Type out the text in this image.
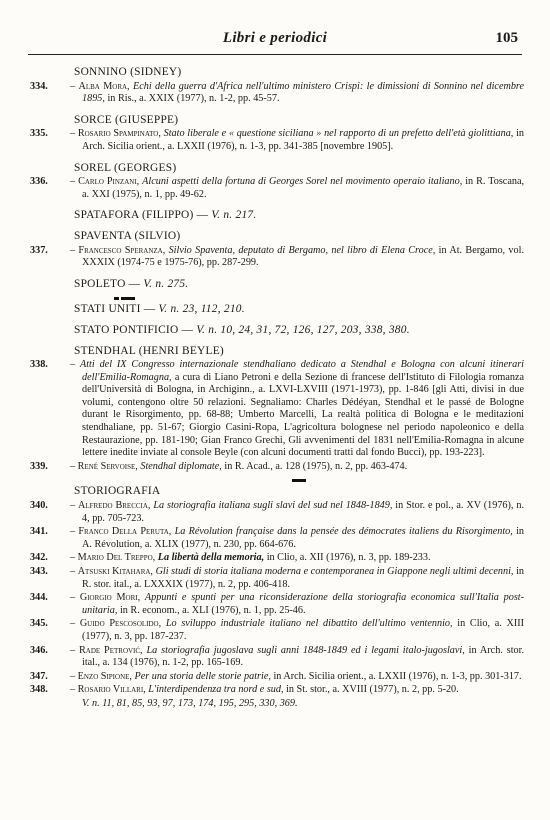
Libri e periodici	105
SONNINO (SIDNEY)
334.	– Alba Mora, Echi della guerra d'Africa nell'ultimo ministero Crispi: le dimissioni di Sonnino nel dicembre 1895, in Ris., a. XXIX (1977), n. 1-2, pp. 45-57.
SORCE (GIUSEPPE)
335.	– Rosario Spampinato, Stato liberale e « questione siciliana » nel rapporto di un prefetto dell'età giolittiana, in Arch. Sicilia orient., a. LXXII (1976), n. 1-3, pp. 341-385 [novembre 1905].
SOREL (GEORGES)
336.	– Carlo Pinzani, Alcuni aspetti della fortuna di Georges Sorel nel movimento operaio italiano, in R. Toscana, a. XXI (1975), n. 1, pp. 49-62.
SPATAFORA (FILIPPO) — V. n. 217.
SPAVENTA (SILVIO)
337.	– Francesco Speranza, Silvio Spaventa, deputato di Bergamo, nel libro di Elena Croce, in At. Bergamo, vol. XXXIX (1974-75 e 1975-76), pp. 287-299.
SPOLETO — V. n. 275.
STATI UNITI — V. n. 23, 112, 210.
STATO PONTIFICIO — V. n. 10, 24, 31, 72, 126, 127, 203, 338, 380.
STENDHAL (HENRI BEYLE)
338.	– Atti del IX Congresso internazionale stendhaliano dedicato a Stendhal e Bologna con alcuni itinerari dell'Emilia-Romagna, a cura di Liano Petroni e della Sezione di francese dell'Istituto di Filologia romanza dell'Università di Bologna, in Archiginn., a. LXVI-LXVIII (1971-1973), pp. 1-846 [gli Atti, divisi in due volumi, contengono oltre 50 relazioni. Segnaliamo: Charles Dédéyan, Stendhal et le passé de Bologne durant le Risorgimento, pp. 68-88; Umberto Marcelli, La realtà politica di Bologna e le meditazioni stendhaliane, pp. 51-67; Giorgio Casini-Ropa, L'agricoltura bolognese nel periodo napoleonico e della Restaurazione, pp. 181-190; Gian Franco Grechi, Gli avvenimenti del 1831 nell'Emilia-Romagna in alcune lettere inedite inviate al console Beyle (con alcuni documenti tratti dal fondo Bucci), pp. 193-223].
339.	– René Servoise, Stendhal diplomate, in R. Acad., a. 128 (1975), n. 2, pp. 463-474.
STORIOGRAFIA
340.	– Alfredo Breccia, La storiografia italiana sugli slavi del sud nel 1848-1849, in Stor. e pol., a. XV (1976), n. 4, pp. 705-723.
341.	– Franco Della Peruta, La Révolution française dans la pensée des démocrates italiens du Risorgimento, in A. Révolution, a. XLIX (1977), n. 230, pp. 664-676.
342.	– Mario Del Treppo, La libertà della memoria, in Clio, a. XII (1976), n. 3, pp. 189-233.
343.	– Atsuski Kitahara, Gli studi di storia italiana moderna e contemporanea in Giappone negli ultimi decenni, in R. stor. ital., a. LXXXIX (1977), n. 2, pp. 406-418.
344.	– Giorgio Mori, Appunti e spunti per una riconsiderazione della storiografia economica sull'Italia post-unitaria, in R. econom., a. XLI (1976), n. 1, pp. 25-46.
345.	– Guido Pescosolido, Lo sviluppo industriale italiano nel dibattito dell'ultimo ventennio, in Clio, a. XIII (1977), n. 3, pp. 187-237.
346.	– Rade Petrović, La storiografia jugoslava sugli anni 1848-1849 ed i legami italo-jugoslavi, in Arch. stor. ital., a. 134 (1976), n. 1-2, pp. 165-169.
347.	– Enzo Sipione, Per una storia delle storie patrie, in Arch. Sicilia orient., a. LXXII (1976), n. 1-3, pp. 301-317.
348.	– Rosario Villari, L'interdipendenza tra nord e sud, in St. stor., a. XVIII (1977), n. 2, pp. 5-20.
V. n. 11, 81, 85, 93, 97, 173, 174, 195, 295, 330, 369.
